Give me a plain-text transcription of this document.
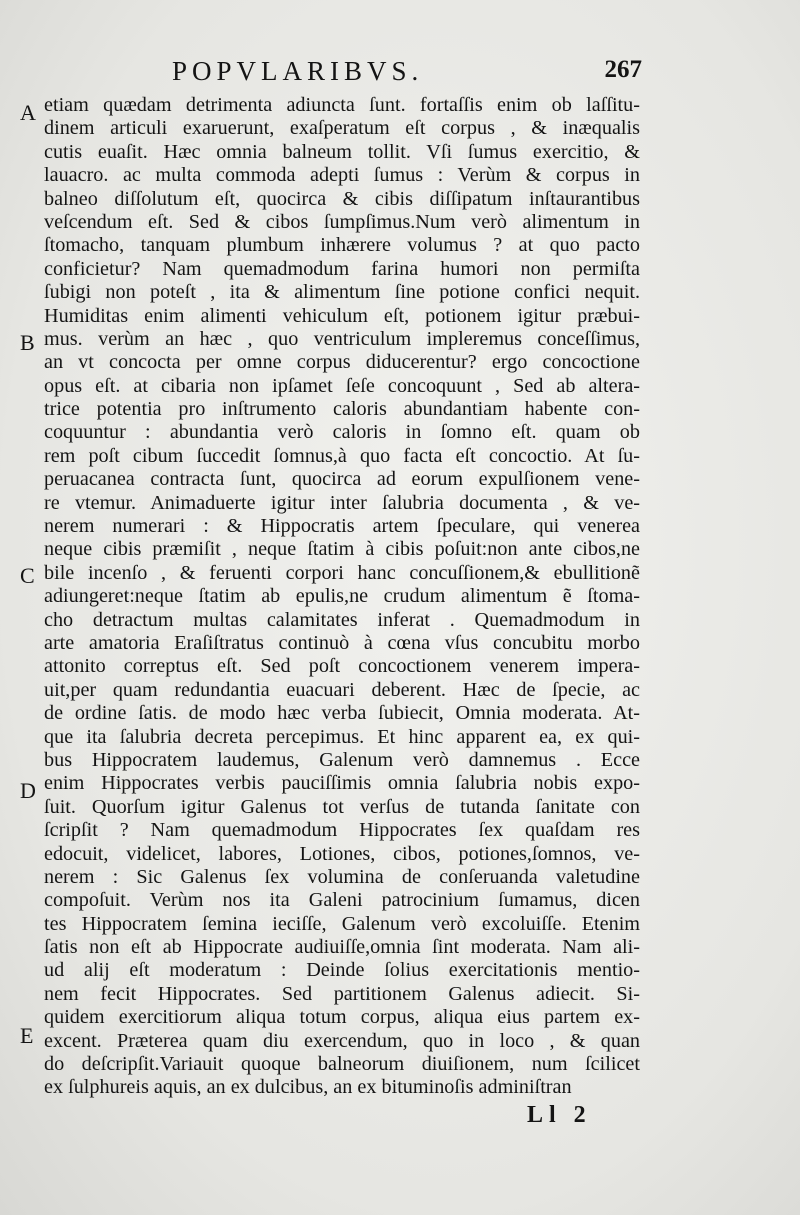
POPVLARIBVS.	267
A
B
C
D
E
etiam quædam detrimenta adiuncta ſunt. fortaſſis enim ob laſſitu-
dinem articuli exaruerunt, exaſperatum eſt corpus , & inæqualis
cutis euaſit. Hæc omnia balneum tollit. Vſi ſumus exercitio, &
lauacro. ac multa commoda adepti ſumus : Verùm & corpus in
balneo diſſolutum eſt, quocirca & cibis diſſipatum inſtaurantibus
veſcendum eſt. Sed & cibos ſumpſimus.Num verò alimentum in
ſtomacho, tanquam plumbum inhærere volumus ? at quo pacto
conficietur? Nam quemadmodum farina humori non permiſta
ſubigi non poteſt , ita & alimentum ſine potione confici nequit.
Humiditas enim alimenti vehiculum eſt, potionem igitur præbui-
mus. verùm an hæc , quo ventriculum impleremus conceſſimus,
an vt concocta per omne corpus diducerentur? ergo concoctione
opus eſt. at cibaria non ipſamet ſeſe concoquunt , Sed ab altera-
trice potentia pro inſtrumento caloris abundantiam habente con-
coquuntur : abundantia verò caloris in ſomno eſt. quam ob
rem poſt cibum ſuccedit ſomnus,à quo facta eſt concoctio. At ſu-
peruacanea contracta ſunt, quocirca ad eorum expulſionem vene-
re vtemur. Animaduerte igitur inter ſalubria documenta , & ve-
nerem numerari : & Hippocratis artem ſpeculare, qui venerea
neque cibis præmiſit , neque ſtatim à cibis poſuit:non ante cibos,ne
bile incenſo , & feruenti corpori hanc concuſſionem,& ebullitionẽ
adiungeret:neque ſtatim ab epulis,ne crudum alimentum ẽ ſtoma-
cho detractum multas calamitates inferat . Quemadmodum in
arte amatoria Eraſiſtratus continuò à cœna vſus concubitu morbo
attonito correptus eſt. Sed poſt concoctionem venerem impera-
uit,per quam redundantia euacuari deberent. Hæc de ſpecie, ac
de ordine ſatis. de modo hæc verba ſubiecit, Omnia moderata. At-
que ita ſalubria decreta percepimus. Et hinc apparent ea, ex qui-
bus Hippocratem laudemus, Galenum verò damnemus . Ecce
enim Hippocrates verbis pauciſſimis omnia ſalubria nobis expo-
ſuit. Quorſum igitur Galenus tot verſus de tutanda ſanitate con
ſcripſit ? Nam quemadmodum Hippocrates ſex quaſdam res
edocuit, videlicet, labores, Lotiones, cibos, potiones,ſomnos, ve-
nerem : Sic Galenus ſex volumina de conſeruanda valetudine
compoſuit. Verùm nos ita Galeni patrocinium ſumamus, dicen
tes Hippocratem ſemina ieciſſe, Galenum verò excoluiſſe. Etenim
ſatis non eſt ab Hippocrate audiuiſſe,omnia ſint moderata. Nam ali-
ud alij eſt moderatum : Deinde ſolius exercitationis mentio-
nem fecit Hippocrates. Sed partitionem Galenus adiecit. Si-
quidem exercitiorum aliqua totum corpus, aliqua eius partem ex-
excent. Præterea quam diu exercendum, quo in loco , & quan
do deſcripſit.Variauit quoque balneorum diuiſionem, num ſcilicet
ex ſulphureis aquis, an ex dulcibus, an ex bituminoſis adminiſtran
Ll 2
